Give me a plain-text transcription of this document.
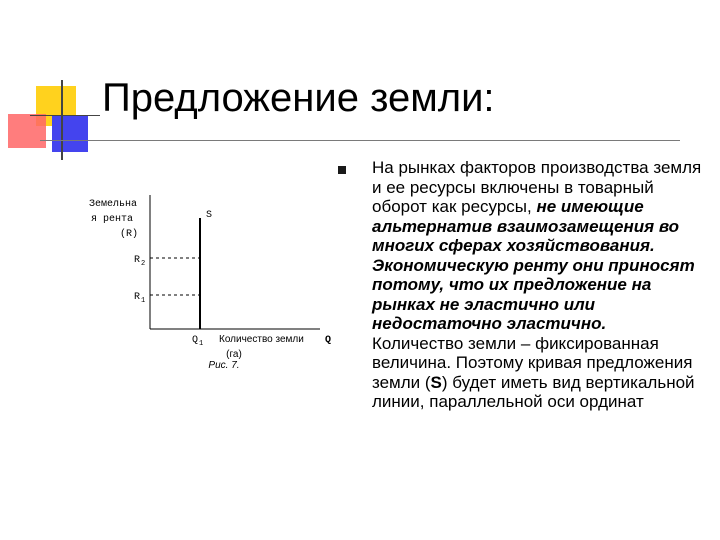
Предложение земли:
На рынках факторов производства земля и ее ресурсы включены в товарный оборот как ресурсы, не имеющие альтернатив взаимозамещения во многих сферах хозяйствования. Экономическую ренту они приносят потому, что их предложение на рынках не эластично или недостаточно эластично. Количество земли – фиксированная величина. Поэтому кривая предложения земли (S) будет иметь вид вертикальной линии, параллельной оси ординат
Земельна
я рента
(R)
S
R 2
R 1
Q 1 Количество земли
(га)
Q
Рис. 7.
